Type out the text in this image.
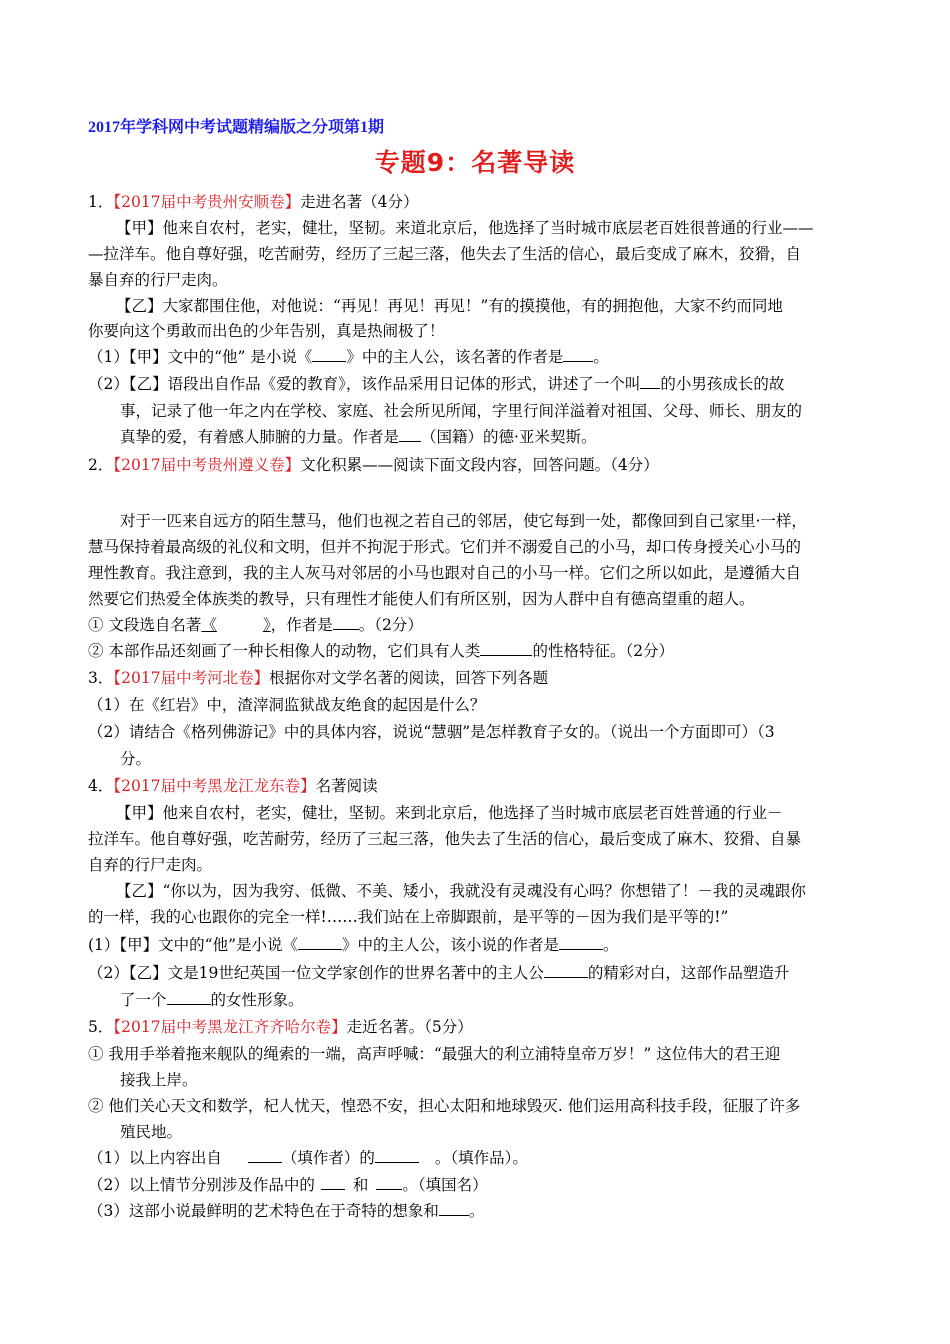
2017年学科网中考试题精编版之分项第1期
专题9：名著导读
1．【2017届中考贵州安顺卷】走进名著（4分）
【甲】他来自农村，老实，健壮，坚韧。来道北京后，他选择了当时城市底层老百姓很普通的行业——
—拉洋车。他自尊好强，吃苦耐劳，经历了三起三落，他失去了生活的信心，最后变成了麻木，狡猾，自
暴自弃的行尸走肉。
【乙】大家都围住他，对他说：“再见！再见！再见！”有的摸摸他，有的拥抱他，大家不约而同地
你要向这个勇敢而出色的少年告别，真是热闹极了！
（1）【甲】文中的“他” 是小说《 》中的主人公，该名著的作者是 。
（2）【乙】语段出自作品《爱的教育》，该作品采用日记体的形式，讲述了一个叫 的小男孩成长的故
事，记录了他一年之内在学校、家庭、社会所见所闻，字里行间洋溢着对祖国、父母、师长、朋友的
真挚的爱，有着感人肺腑的力量。作者是 （国籍）的德·亚米契斯。
2．【2017届中考贵州遵义卷】文化积累——阅读下面文段内容，回答问题。（4分）
对于一匹来自远方的陌生慧马，他们也视之若自己的邻居，使它每到一处，都像回到自己家里·一样，
慧马保持着最高级的礼仪和文明，但并不拘泥于形式。它们并不溺爱自己的小马，却口传身授关心小马的
理性教育。我注意到，我的主人灰马对邻居的小马也跟对自己的小马一样。它们之所以如此，是遵循大自
然要它们热爱全体族类的教导，只有理性才能使人们有所区别，因为人群中自有德高望重的超人。
① 文段选自名著《	》，作者是 。（2分）
② 本部作品还刻画了一种长相像人的动物，它们具有人类	的性格特征。（2分）
3．【2017届中考河北卷】根据你对文学名著的阅读，回答下列各题
（1）在《红岩》中，渣滓洞监狱战友绝食的起因是什么？
（2）请结合《格列佛游记》中的具体内容，说说“慧骃”是怎样教育子女的。（说出一个方面即可）（3
分。
4．【2017届中考黑龙江龙东卷】名著阅读
【甲】他来自农村，老实，健壮，坚韧。来到北京后，他选择了当时城市底层老百姓普通的行业－
拉洋车。他自尊好强，吃苦耐劳，经历了三起三落，他失去了生活的信心，最后变成了麻木、狡猾、自暴
自弃的行尸走肉。
【乙】“你以为，因为我穷、低微、不美、矮小，我就没有灵魂没有心吗？你想错了！－我的灵魂跟你
的一样，我的心也跟你的完全一样!……我们站在上帝脚跟前，是平等的－因为我们是平等的!”
(1）【甲】文中的“他”是小说《	》中的主人公，该小说的作者是	。
（2）【乙】文是19世纪英国一位文学家创作的世界名著中的主人公	的精彩对白，这部作品塑造升
了一个	的女性形象。
5．【2017届中考黑龙江齐齐哈尔卷】走近名著。（5分）
① 我用手举着拖来舰队的绳索的一端，高声呼喊：“最强大的利立浦特皇帝万岁！” 这位伟大的君王迎
接我上岸。
② 他们关心天文和数学，杞人忧天，惶恐不安，担心太阳和地球毁灭. 他们运用高科技手段，征服了许多
殖民地。
（1）以上内容出自	（填作者）的	。（填作品）。
（2）以上情节分别涉及作品中的 和 。（填国名）
（3）这部小说最鲜明的艺术特色在于奇特的想象和 。
